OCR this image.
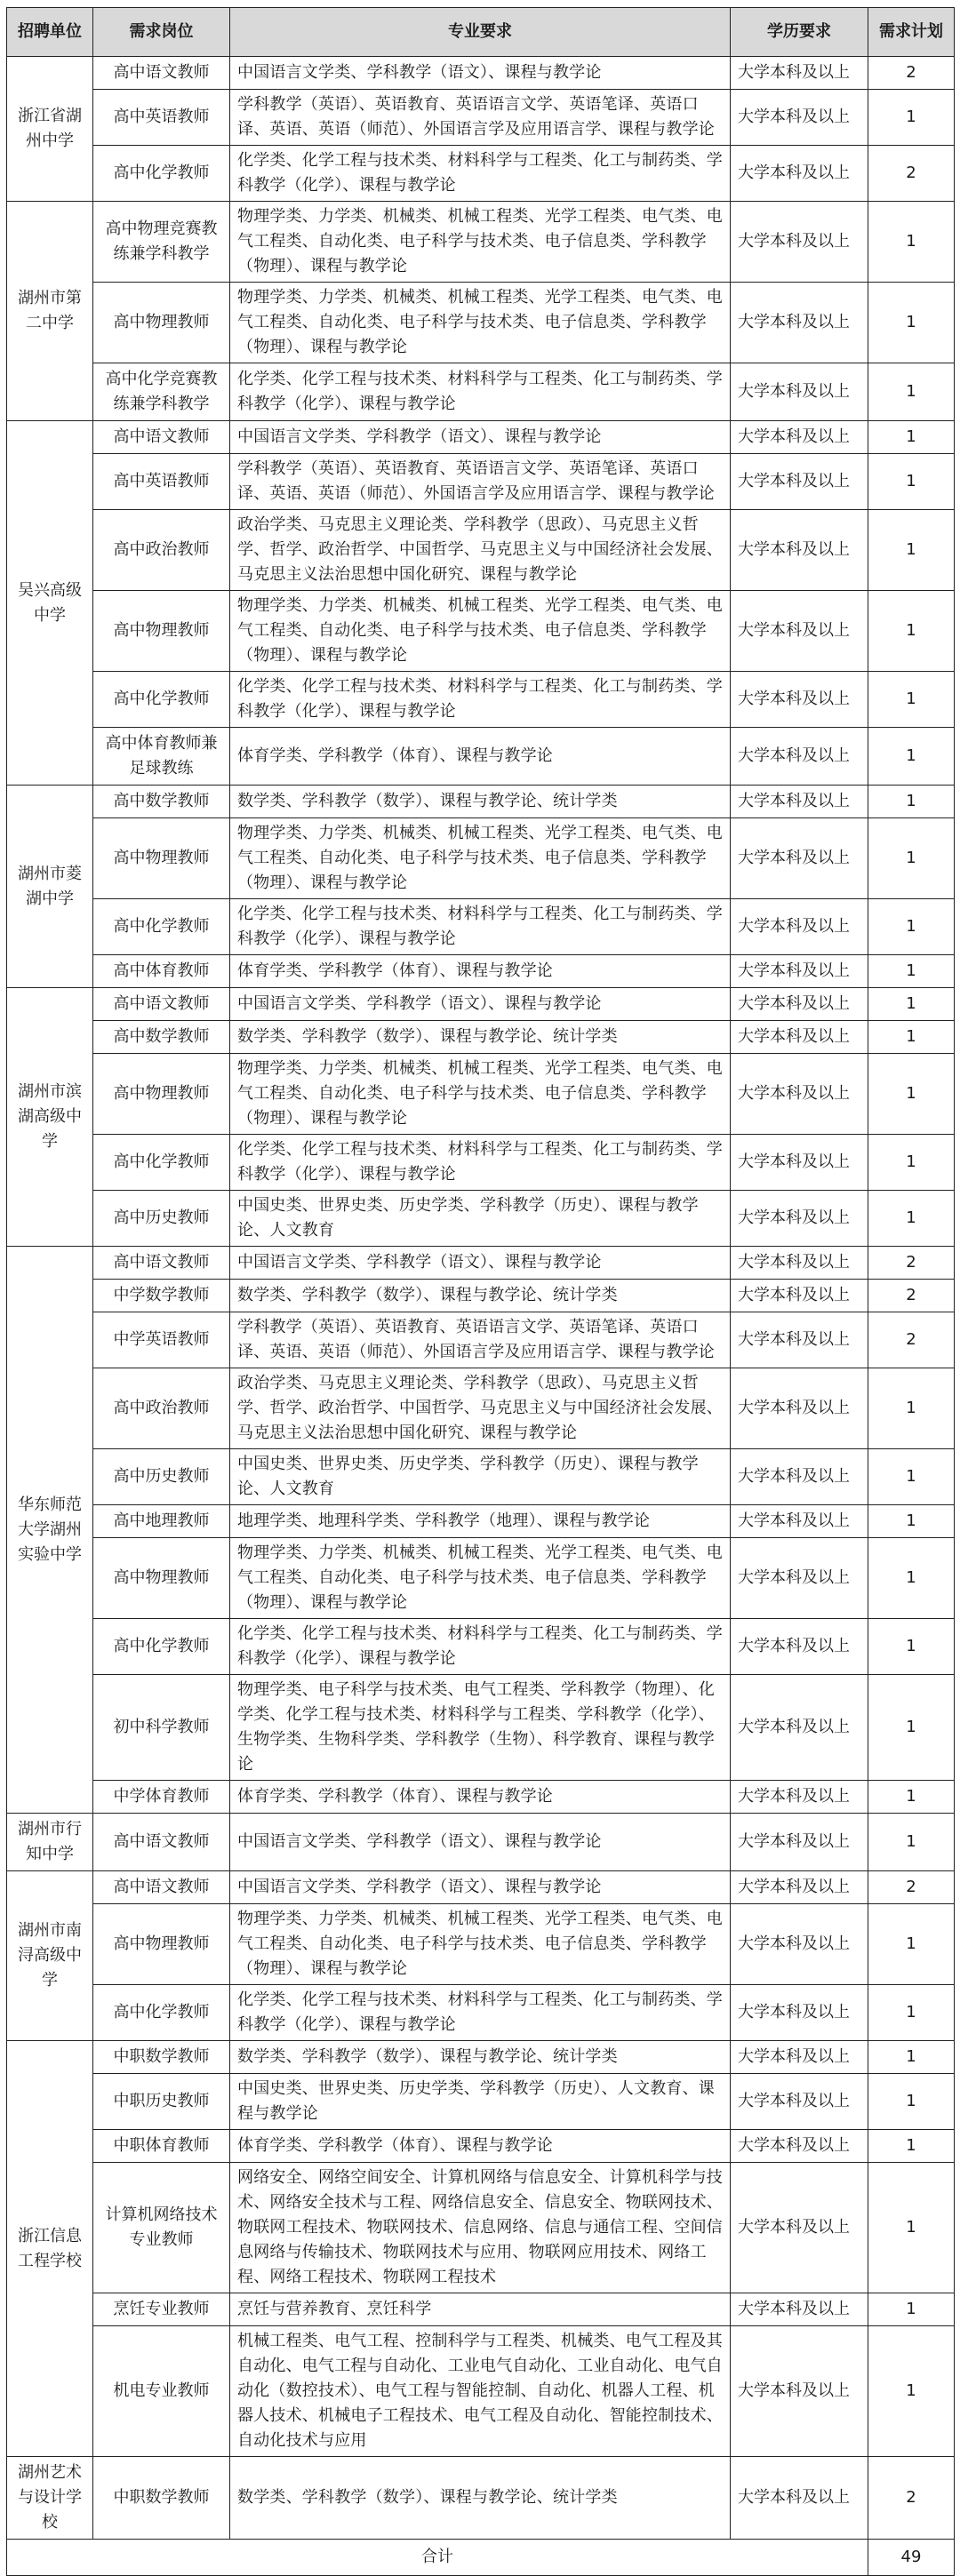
招聘单位	需求岗位	专业要求	学历要求	需求计划
浙江省湖州中学	高中语文教师	中国语言文学类、学科教学（语文）、课程与教学论	大学本科及以上	2
	高中英语教师	学科教学（英语）、英语教育、英语语言文学、英语笔译、英语口译、英语、英语（师范）、外国语言学及应用语言学、课程与教学论	大学本科及以上	1
	高中化学教师	化学类、化学工程与技术类、材料科学与工程类、化工与制药类、学科教学（化学）、课程与教学论	大学本科及以上	2
湖州市第二中学	高中物理竞赛教练兼学科教学	物理学类、力学类、机械类、机械工程类、光学工程类、电气类、电气工程类、自动化类、电子科学与技术类、电子信息类、学科教学（物理）、课程与教学论	大学本科及以上	1
	高中物理教师	物理学类、力学类、机械类、机械工程类、光学工程类、电气类、电气工程类、自动化类、电子科学与技术类、电子信息类、学科教学（物理）、课程与教学论	大学本科及以上	1
	高中化学竞赛教练兼学科教学	化学类、化学工程与技术类、材料科学与工程类、化工与制药类、学科教学（化学）、课程与教学论	大学本科及以上	1
吴兴高级中学	高中语文教师	中国语言文学类、学科教学（语文）、课程与教学论	大学本科及以上	1
	高中英语教师	学科教学（英语）、英语教育、英语语言文学、英语笔译、英语口译、英语、英语（师范）、外国语言学及应用语言学、课程与教学论	大学本科及以上	1
	高中政治教师	政治学类、马克思主义理论类、学科教学（思政）、马克思主义哲学、哲学、政治哲学、中国哲学、马克思主义与中国经济社会发展、马克思主义法治思想中国化研究、课程与教学论	大学本科及以上	1
	高中物理教师	物理学类、力学类、机械类、机械工程类、光学工程类、电气类、电气工程类、自动化类、电子科学与技术类、电子信息类、学科教学（物理）、课程与教学论	大学本科及以上	1
	高中化学教师	化学类、化学工程与技术类、材料科学与工程类、化工与制药类、学科教学（化学）、课程与教学论	大学本科及以上	1
	高中体育教师兼足球教练	体育学类、学科教学（体育）、课程与教学论	大学本科及以上	1
湖州市菱湖中学	高中数学教师	数学类、学科教学（数学）、课程与教学论、统计学类	大学本科及以上	1
	高中物理教师	物理学类、力学类、机械类、机械工程类、光学工程类、电气类、电气工程类、自动化类、电子科学与技术类、电子信息类、学科教学（物理）、课程与教学论	大学本科及以上	1
	高中化学教师	化学类、化学工程与技术类、材料科学与工程类、化工与制药类、学科教学（化学）、课程与教学论	大学本科及以上	1
	高中体育教师	体育学类、学科教学（体育）、课程与教学论	大学本科及以上	1
湖州市滨湖高级中学	高中语文教师	中国语言文学类、学科教学（语文）、课程与教学论	大学本科及以上	1
	高中数学教师	数学类、学科教学（数学）、课程与教学论、统计学类	大学本科及以上	1
	高中物理教师	物理学类、力学类、机械类、机械工程类、光学工程类、电气类、电气工程类、自动化类、电子科学与技术类、电子信息类、学科教学（物理）、课程与教学论	大学本科及以上	1
	高中化学教师	化学类、化学工程与技术类、材料科学与工程类、化工与制药类、学科教学（化学）、课程与教学论	大学本科及以上	1
	高中历史教师	中国史类、世界史类、历史学类、学科教学（历史）、课程与教学论、人文教育	大学本科及以上	1
华东师范大学湖州实验中学	高中语文教师	中国语言文学类、学科教学（语文）、课程与教学论	大学本科及以上	2
	中学数学教师	数学类、学科教学（数学）、课程与教学论、统计学类	大学本科及以上	2
	中学英语教师	学科教学（英语）、英语教育、英语语言文学、英语笔译、英语口译、英语、英语（师范）、外国语言学及应用语言学、课程与教学论	大学本科及以上	2
	高中政治教师	政治学类、马克思主义理论类、学科教学（思政）、马克思主义哲学、哲学、政治哲学、中国哲学、马克思主义与中国经济社会发展、马克思主义法治思想中国化研究、课程与教学论	大学本科及以上	1
	高中历史教师	中国史类、世界史类、历史学类、学科教学（历史）、课程与教学论、人文教育	大学本科及以上	1
	高中地理教师	地理学类、地理科学类、学科教学（地理）、课程与教学论	大学本科及以上	1
	高中物理教师	物理学类、力学类、机械类、机械工程类、光学工程类、电气类、电气工程类、自动化类、电子科学与技术类、电子信息类、学科教学（物理）、课程与教学论	大学本科及以上	1
	高中化学教师	化学类、化学工程与技术类、材料科学与工程类、化工与制药类、学科教学（化学）、课程与教学论	大学本科及以上	1
	初中科学教师	物理学类、电子科学与技术类、电气工程类、学科教学（物理）、化学类、化学工程与技术类、材料科学与工程类、学科教学（化学）、生物学类、生物科学类、学科教学（生物）、科学教育、课程与教学论	大学本科及以上	1
	中学体育教师	体育学类、学科教学（体育）、课程与教学论	大学本科及以上	1
湖州市行知中学	高中语文教师	中国语言文学类、学科教学（语文）、课程与教学论	大学本科及以上	1
湖州市南浔高级中学	高中语文教师	中国语言文学类、学科教学（语文）、课程与教学论	大学本科及以上	2
	高中物理教师	物理学类、力学类、机械类、机械工程类、光学工程类、电气类、电气工程类、自动化类、电子科学与技术类、电子信息类、学科教学（物理）、课程与教学论	大学本科及以上	1
	高中化学教师	化学类、化学工程与技术类、材料科学与工程类、化工与制药类、学科教学（化学）、课程与教学论	大学本科及以上	1
浙江信息工程学校	中职数学教师	数学类、学科教学（数学）、课程与教学论、统计学类	大学本科及以上	1
	中职历史教师	中国史类、世界史类、历史学类、学科教学（历史）、人文教育、课程与教学论	大学本科及以上	1
	中职体育教师	体育学类、学科教学（体育）、课程与教学论	大学本科及以上	1
	计算机网络技术专业教师	网络安全、网络空间安全、计算机网络与信息安全、计算机科学与技术、网络安全技术与工程、网络信息安全、信息安全、物联网技术、物联网工程技术、物联网技术、信息网络、信息与通信工程、空间信息网络与传输技术、物联网技术与应用、物联网应用技术、网络工程、网络工程技术、物联网工程技术	大学本科及以上	1
	烹饪专业教师	烹饪与营养教育、烹饪科学	大学本科及以上	1
	机电专业教师	机械工程类、电气工程、控制科学与工程类、机械类、电气工程及其自动化、电气工程与自动化、工业电气自动化、工业自动化、电气自动化（数控技术）、电气工程与智能控制、自动化、机器人工程、机器人技术、机械电子工程技术、电气工程及自动化、智能控制技术、自动化技术与应用	大学本科及以上	1
湖州艺术与设计学校	中职数学教师	数学类、学科教学（数学）、课程与教学论、统计学类	大学本科及以上	2
合计				49
